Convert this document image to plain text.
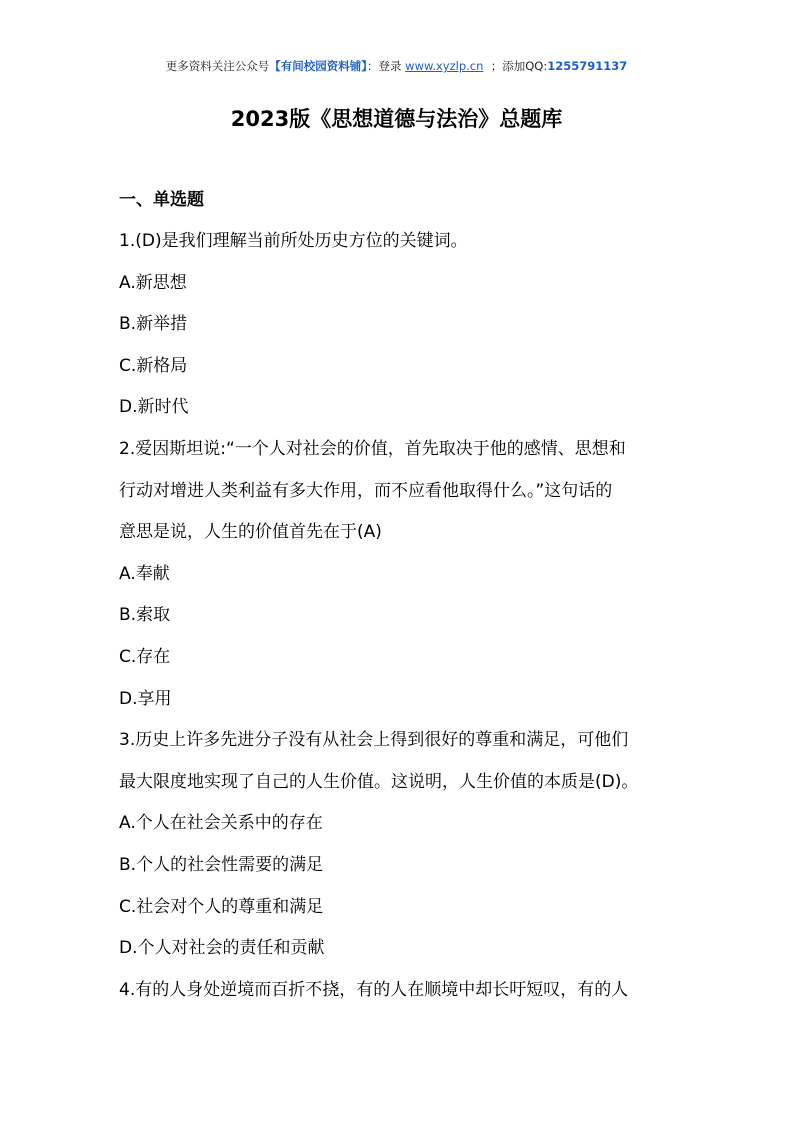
更多资料关注公众号【有间校园资料铺】：登录 www.xyzlp.cn ；添加QQ:1255791137
2023版《思想道德与法治》总题库
一、单选题

1.(D)是我们理解当前所处历史方位的关键词。

A.新思想

B.新举措

C.新格局

D.新时代

2.爱因斯坦说:“一个人对社会的价值，首先取决于他的感情、思想和

行动对增进人类利益有多大作用，而不应看他取得什么。”这句话的

意思是说，人生的价值首先在于(A)

A.奉献

B.索取

C.存在

D.享用

3.历史上许多先进分子没有从社会上得到很好的尊重和满足，可他们

最大限度地实现了自己的人生价值。这说明，人生价值的本质是(D)。

A.个人在社会关系中的存在

B.个人的社会性需要的满足

C.社会对个人的尊重和满足

D.个人对社会的责任和贡献

4.有的人身处逆境而百折不挠，有的人在顺境中却长吁短叹，有的人
